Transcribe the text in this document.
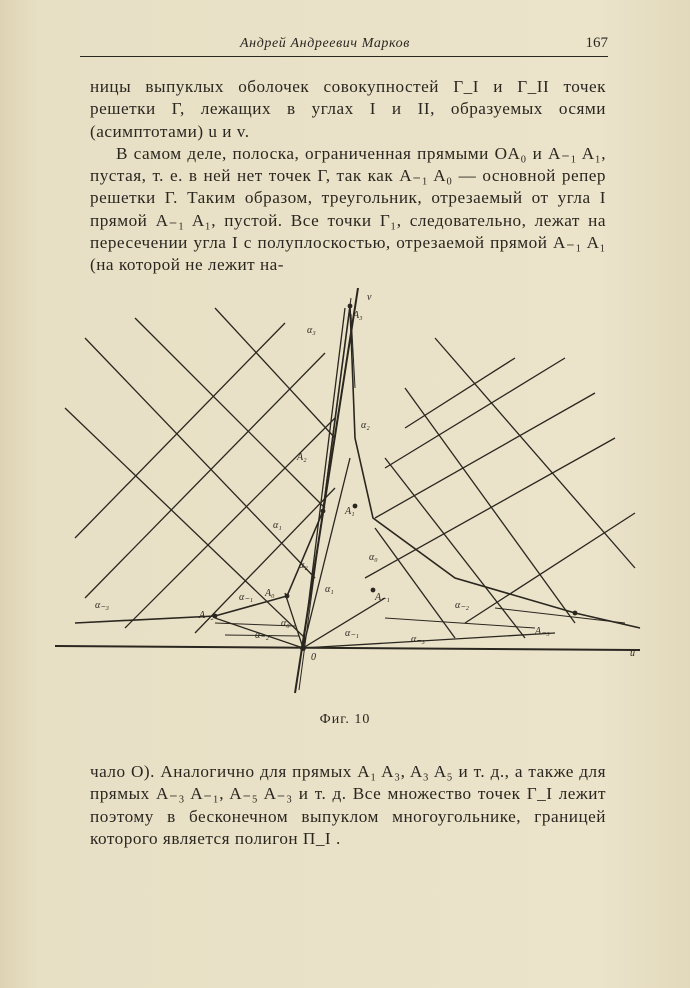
Андрей Андреевич Марков	167

ницы выпуклых оболочек совокупностей Γ_I и Γ_II точек решетки Γ, лежащих в углах I и II, образуемых осями (асимптотами) u и v.

В самом деле, полоска, ограниченная прямыми OA₀ и A₋₁ A₁, пустая, т. е. в ней нет точек Γ, так как A₋₁ A₀ — основной репер решетки Γ. Таким образом, треугольник, отрезаемый от угла I прямой A₋₁ A₁, пустой. Все точки Γ₁, следовательно, лежат на пересечении угла I с полуплоскостью, отрезаемой прямой A₋₁ A₁ (на которой не лежит на-

v
u
0
A₃
A₂
A₁
A₀	A₋₁
A₋₂
A₋₃
α₃
α₂
α₁
α₀
α₋₁
α₋₂
α₋₃
α₂
α₁
α₀
α₋₁
α₋₂	α₋₃
Фиг. 10

чало O). Аналогично для прямых A₁ A₃, A₃ A₅ и т. д., а также для прямых A₋₃ A₋₁, A₋₅ A₋₃ и т. д. Все множество точек Γ_I лежит поэтому в бесконечном выпуклом многоугольнике, границей которого является полигон Π_I .
